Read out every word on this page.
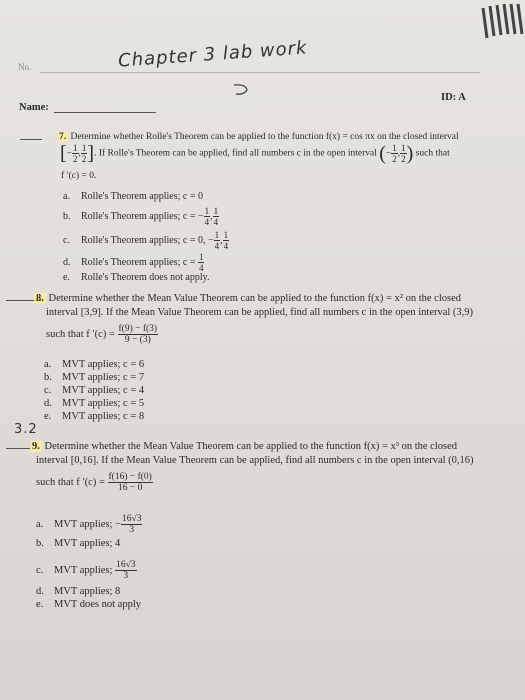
No.	Chapter 3 lab work
ID: A
Name:
7. Determine whether Rolle's Theorem can be applied to the function f(x) = cos πx on the closed interval
[− $\frac{1}{2}$ , $\frac{1}{2}$ ]. If Rolle's Theorem can be applied, find all numbers c in the open interval (− $\frac{1}{2}$ , $\frac{1}{2}$ ) such that
f ′(c) = 0.
a. Rolle's Theorem applies; c = 0
b. Rolle's Theorem applies; c = − $\frac{1}{4}$ , $\frac{1}{4}$
c. Rolle's Theorem applies; c = 0, − $\frac{1}{4}$ , $\frac{1}{4}$
d. Rolle's Theorem applies; $c = \frac{1}{4}$
e. Rolle's Theorem does not apply.
8. Determine whether the Mean Value Theorem can be applied to the function f(x) = x² on the closed
interval [3,9]. If the Mean Value Theorem can be applied, find all numbers c in the open interval (3,9)
such that f $'(c) = \frac{f(9) - f(3)}{9 - (3)}$
a. MVT applies; c = 6
b. MVT applies; c = 7
c. MVT applies; c = 4
d. MVT applies; c = 5
e. MVT applies; c = 8
3.2
9. Determine whether the Mean Value Theorem can be applied to the function f(x) = x³ on the closed
interval [0,16]. If the Mean Value Theorem can be applied, find all numbers c in the open interval (0,16)
such that f $'(c) = \frac{f(16) - f(0)}{16 - 0}$
a. MVT applies; − $\frac{16√3}{3}$
b. MVT applies; 4
c. MVT applies; $\frac{16√3}{3}$
d. MVT applies; 8
e. MVT does not apply
